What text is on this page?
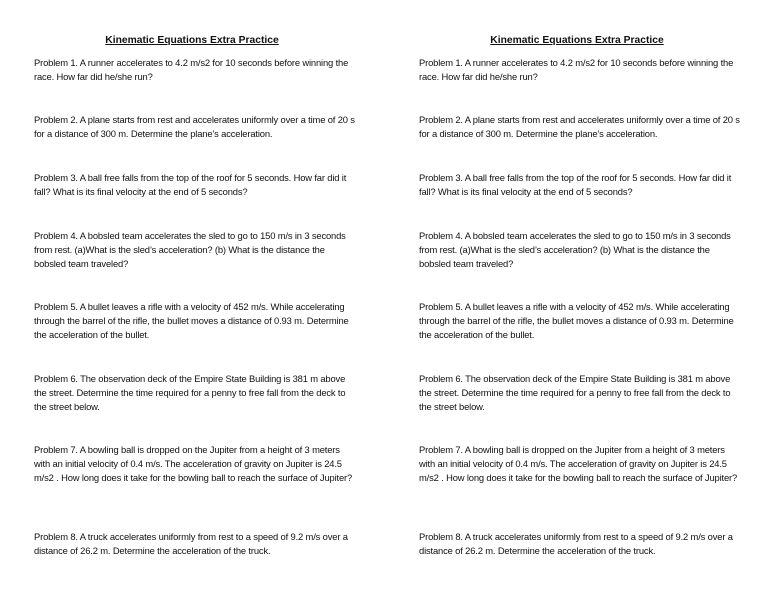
Kinematic Equations Extra Practice

Problem 1. A runner accelerates to 4.2 m/s2 for 10 seconds before winning the race. How far did he/she run?

Problem 2. A plane starts from rest and accelerates uniformly over a time of 20 s for a distance of 300 m. Determine the plane’s acceleration.

Problem 3. A ball free falls from the top of the roof for 5 seconds. How far did it fall? What is its final velocity at the end of 5 seconds?

Problem 4. A bobsled team accelerates the sled to go to 150 m/s in 3 seconds from rest. (a)What is the sled’s acceleration? (b) What is the distance the bobsled team traveled?

Problem 5. A bullet leaves a rifle with a velocity of 452 m/s. While accelerating through the barrel of the rifle, the bullet moves a distance of 0.93 m. Determine the acceleration of the bullet.

Problem 6. The observation deck of the Empire State Building is 381 m above the street. Determine the time required for a penny to free fall from the deck to the street below.

Problem 7. A bowling ball is dropped on the Jupiter from a height of 3 meters with an initial velocity of 0.4 m/s. The acceleration of gravity on Jupiter is 24.5 m/s2 . How long does it take for the bowling ball to reach the surface of Jupiter?

Problem 8. A truck accelerates uniformly from rest to a speed of 9.2 m/s over a distance of 26.2 m. Determine the acceleration of the truck.

Kinematic Equations Extra Practice

Problem 1. A runner accelerates to 4.2 m/s2 for 10 seconds before winning the race. How far did he/she run?

Problem 2. A plane starts from rest and accelerates uniformly over a time of 20 s for a distance of 300 m. Determine the plane’s acceleration.

Problem 3. A ball free falls from the top of the roof for 5 seconds. How far did it fall? What is its final velocity at the end of 5 seconds?

Problem 4. A bobsled team accelerates the sled to go to 150 m/s in 3 seconds from rest. (a)What is the sled’s acceleration? (b) What is the distance the bobsled team traveled?

Problem 5. A bullet leaves a rifle with a velocity of 452 m/s. While accelerating through the barrel of the rifle, the bullet moves a distance of 0.93 m. Determine the acceleration of the bullet.

Problem 6. The observation deck of the Empire State Building is 381 m above the street. Determine the time required for a penny to free fall from the deck to the street below.

Problem 7. A bowling ball is dropped on the Jupiter from a height of 3 meters with an initial velocity of 0.4 m/s. The acceleration of gravity on Jupiter is 24.5 m/s2 . How long does it take for the bowling ball to reach the surface of Jupiter?

Problem 8. A truck accelerates uniformly from rest to a speed of 9.2 m/s over a distance of 26.2 m. Determine the acceleration of the truck.
